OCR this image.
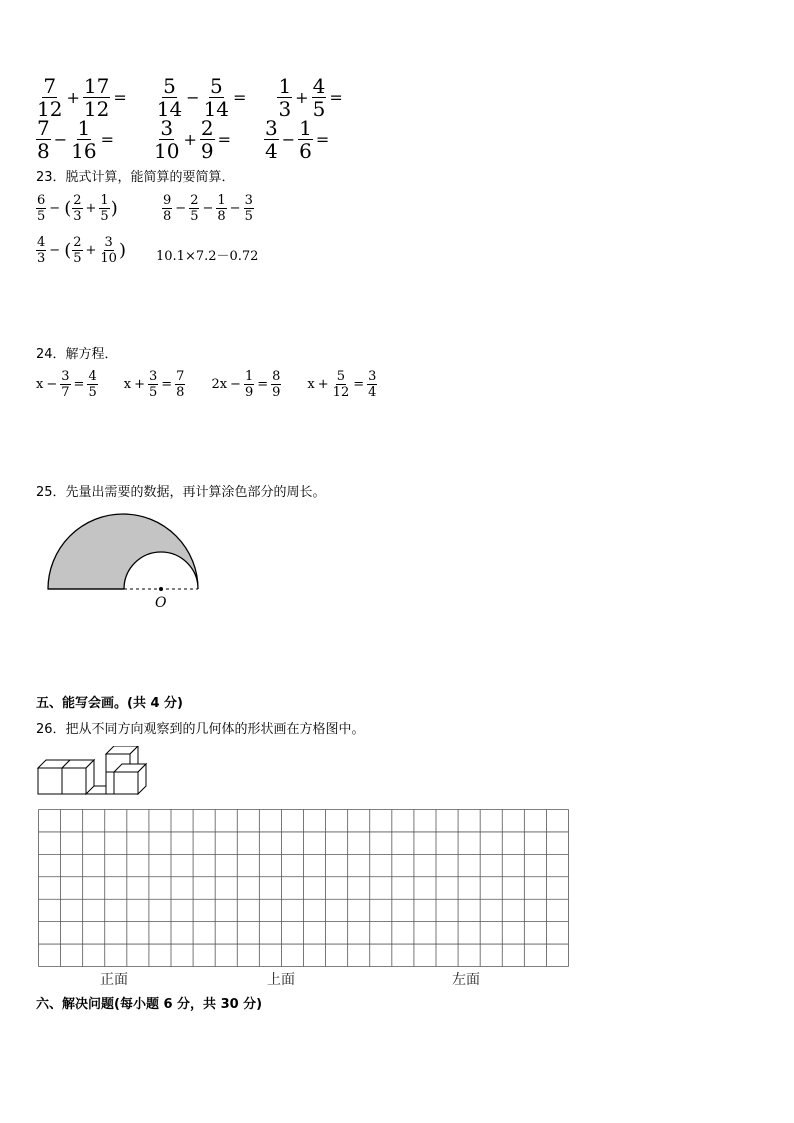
$\frac{7}{12} + \frac{17}{12} = \frac{5}{14} - \frac{5}{14} = \frac{1}{3} + \frac{4}{5}$ =
$\frac{7}{8} - \frac{1}{16} = \frac{3}{10} + \frac{2}{9} = \frac{3}{4} - \frac{1}{6}$ =
23．脱式计算，能简算的要简算．
$\frac{6}{5}$ − ( $\frac{2}{3} + \frac{1}{5}$ )	$\frac{9}{8} - \frac{2}{5} - \frac{1}{8} - \frac{3}{5}$
$\frac{4}{3}$ − ( $\frac{2}{5} + \frac{3}{10}$ ) 10.1×7.2－0.72
24．解方程．
$x - \frac{3}{7} = \frac{4}{5}$ $x + \frac{3}{5} = \frac{7}{8} 2x - \frac{1}{9} = \frac{8}{9}$ $x + \frac{5}{12} = \frac{3}{4}$
25．先量出需要的数据，再计算涂色部分的周长。
O
五、能写会画。(共 4 分)
26．把从不同方向观察到的几何体的形状画在方格图中。
正面	上面	左面
六、解决问题(每小题 6 分，共 30 分)
